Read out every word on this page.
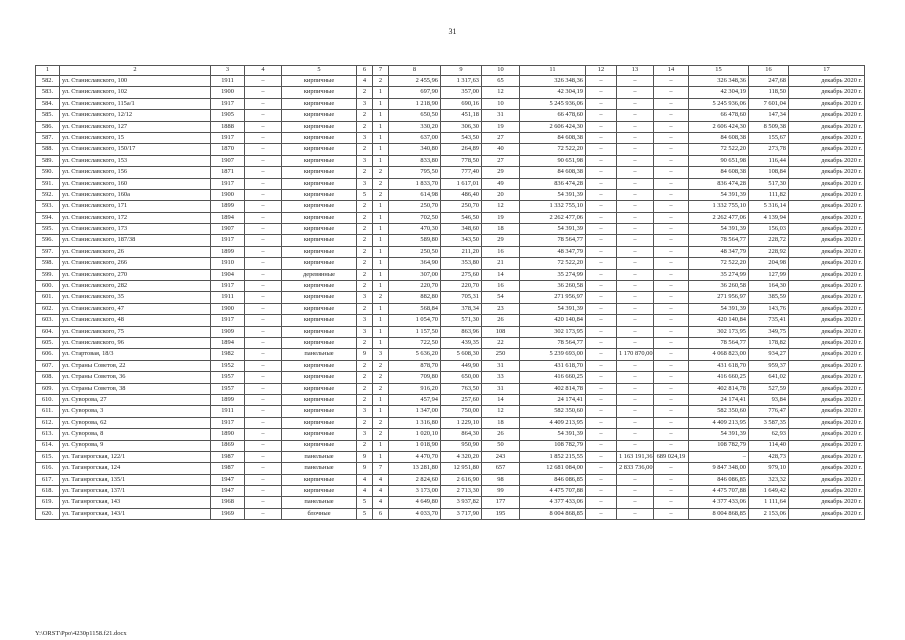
31
1	2	3	4	5	6	7	8	9	10	11	12	13	14	15	16	17
582.	ул. Станиславского, 100	1911	–	кирпичные	4	2	2 455,96	1 317,63	65	326 348,36	–	–	–	326 348,36	247,68	декабрь 2020 г.
583.	ул. Станиславского, 102	1900	–	кирпичные	2	1	697,90	357,00	12	42 304,19	–	–	–	42 304,19	118,50	декабрь 2020 г.
584.	ул. Станиславского, 115а/1	1917	–	кирпичные	3	1	1 218,90	690,16	10	5 245 936,06	–	–	–	5 245 936,06	7 601,04	декабрь 2020 г.
585.	ул. Станиславского, 12/12	1905	–	кирпичные	2	1	650,50	451,18	31	66 478,60	–	–	–	66 478,60	147,34	декабрь 2020 г.
586.	ул. Станиславского, 127	1888	–	кирпичные	2	1	330,20	306,30	19	2 606 424,30	–	–	–	2 606 424,30	8 509,38	декабрь 2020 г.
587.	ул. Станиславского, 15	1917	–	кирпичные	3	1	637,00	543,50	27	84 608,38	–	–	–	84 608,38	155,67	декабрь 2020 г.
588.	ул. Станиславского, 150/17	1870	–	кирпичные	2	1	340,80	264,89	40	72 522,20	–	–	–	72 522,20	273,78	декабрь 2020 г.
589.	ул. Станиславского, 153	1907	–	кирпичные	3	1	833,80	778,50	27	90 651,98	–	–	–	90 651,98	116,44	декабрь 2020 г.
590.	ул. Станиславского, 156	1871	–	кирпичные	2	2	795,50	777,40	29	84 608,38	–	–	–	84 608,38	108,84	декабрь 2020 г.
591.	ул. Станиславского, 160	1917	–	кирпичные	3	2	1 833,70	1 617,01	49	836 474,28	–	–	–	836 474,28	517,30	декабрь 2020 г.
592.	ул. Станиславского, 160а	1900	–	кирпичные	5	2	614,98	486,40	20	54 391,39	–	–	–	54 391,39	111,82	декабрь 2020 г.
593.	ул. Станиславского, 171	1899	–	кирпичные	2	1	250,70	250,70	12	1 332 755,10	–	–	–	1 332 755,10	5 316,14	декабрь 2020 г.
594.	ул. Станиславского, 172	1894	–	кирпичные	2	1	702,50	546,50	19	2 262 477,06	–	–	–	2 262 477,06	4 139,94	декабрь 2020 г.
595.	ул. Станиславского, 173	1907	–	кирпичные	2	1	470,30	348,60	18	54 391,39	–	–	–	54 391,39	156,03	декабрь 2020 г.
596.	ул. Станиславского, 187/38	1917	–	кирпичные	2	1	589,80	343,50	29	78 564,77	–	–	–	78 564,77	228,72	декабрь 2020 г.
597.	ул. Станиславского, 26	1899	–	кирпичные	2	1	250,50	211,20	16	48 347,79	–	–	–	48 347,79	228,92	декабрь 2020 г.
598.	ул. Станиславского, 266	1910	–	кирпичные	2	1	364,90	353,80	21	72 522,20	–	–	–	72 522,20	204,98	декабрь 2020 г.
599.	ул. Станиславского, 270	1904	–	деревянные	2	1	307,00	275,60	14	35 274,99	–	–	–	35 274,99	127,99	декабрь 2020 г.
600.	ул. Станиславского, 282	1917	–	кирпичные	2	1	220,70	220,70	16	36 260,58	–	–	–	36 260,58	164,30	декабрь 2020 г.
601.	ул. Станиславского, 35	1911	–	кирпичные	3	2	882,80	705,31	54	271 956,97	–	–	–	271 956,97	385,59	декабрь 2020 г.
602.	ул. Станиславского, 47	1900	–	кирпичные	2	1	568,84	378,34	23	54 391,39	–	–	–	54 391,39	143,76	декабрь 2020 г.
603.	ул. Станиславского, 48	1917	–	кирпичные	3	1	1 054,70	571,30	26	420 140,84	–	–	–	420 140,84	735,41	декабрь 2020 г.
604.	ул. Станиславского, 75	1909	–	кирпичные	3	1	1 157,50	863,96	108	302 173,95	–	–	–	302 173,95	349,75	декабрь 2020 г.
605.	ул. Станиславского, 96	1894	–	кирпичные	2	1	722,50	439,35	22	78 564,77	–	–	–	78 564,77	178,82	декабрь 2020 г.
606.	ул. Стартовая, 18/3	1982	–	панельные	9	3	5 636,20	5 608,30	250	5 239 693,00	–	1 170 870,00	–	4 068 823,00	934,27	декабрь 2020 г.
607.	ул. Страны Советов, 22	1952	–	кирпичные	2	2	878,70	449,90	31	431 618,70	–	–	–	431 618,70	959,37	декабрь 2020 г.
608.	ул. Страны Советов, 36	1957	–	кирпичные	2	2	709,80	650,00	33	416 660,25	–	–	–	416 660,25	641,02	декабрь 2020 г.
609.	ул. Страны Советов, 38	1957	–	кирпичные	2	2	916,20	763,50	31	402 814,78	–	–	–	402 814,78	527,59	декабрь 2020 г.
610.	ул. Суворова, 27	1899	–	кирпичные	2	1	457,94	257,60	14	24 174,41	–	–	–	24 174,41	93,84	декабрь 2020 г.
611.	ул. Суворова, 3	1911	–	кирпичные	3	1	1 347,00	750,00	12	582 350,60	–	–	–	582 350,60	776,47	декабрь 2020 г.
612.	ул. Суворова, 62	1917	–	кирпичные	2	2	1 316,80	1 229,10	18	4 409 213,95	–	–	–	4 409 213,95	3 587,35	декабрь 2020 г.
613.	ул. Суворова, 8	1890	–	кирпичные	3	2	1 020,10	864,30	26	54 391,39	–	–	–	54 391,39	62,93	декабрь 2020 г.
614.	ул. Суворова, 9	1869	–	кирпичные	2	1	1 018,90	950,90	50	108 782,79	–	–	–	108 782,79	114,40	декабрь 2020 г.
615.	ул. Таганрогская, 122/1	1987	–	панельные	9	1	4 470,70	4 320,20	243	1 852 215,55	–	1 163 191,36	689 024,19	–	428,73	декабрь 2020 г.
616.	ул. Таганрогская, 124	1987	–	панельные	9	7	13 281,80	12 951,80	657	12 681 084,00	–	2 833 736,00	–	9 847 348,00	979,10	декабрь 2020 г.
617.	ул. Таганрогская, 135/1	1947	–	кирпичные	4	4	2 824,60	2 616,90	98	846 086,85	–	–	–	846 086,85	323,32	декабрь 2020 г.
618.	ул. Таганрогская, 137/1	1947	–	кирпичные	4	4	3 173,00	2 713,30	99	4 475 707,88	–	–	–	4 475 707,88	1 649,42	декабрь 2020 г.
619.	ул. Таганрогская, 143	1968	–	панельные	5	4	4 649,80	3 937,82	177	4 377 433,06	–	–	–	4 377 433,06	1 111,64	декабрь 2020 г.
620.	ул. Таганрогская, 143/1	1969	–	блочные	5	6	4 033,70	3 717,90	195	8 004 868,85	–	–	–	8 004 868,85	2 153,06	декабрь 2020 г.
Y:\ORST\Ppo\4230p1158.f21.docx
